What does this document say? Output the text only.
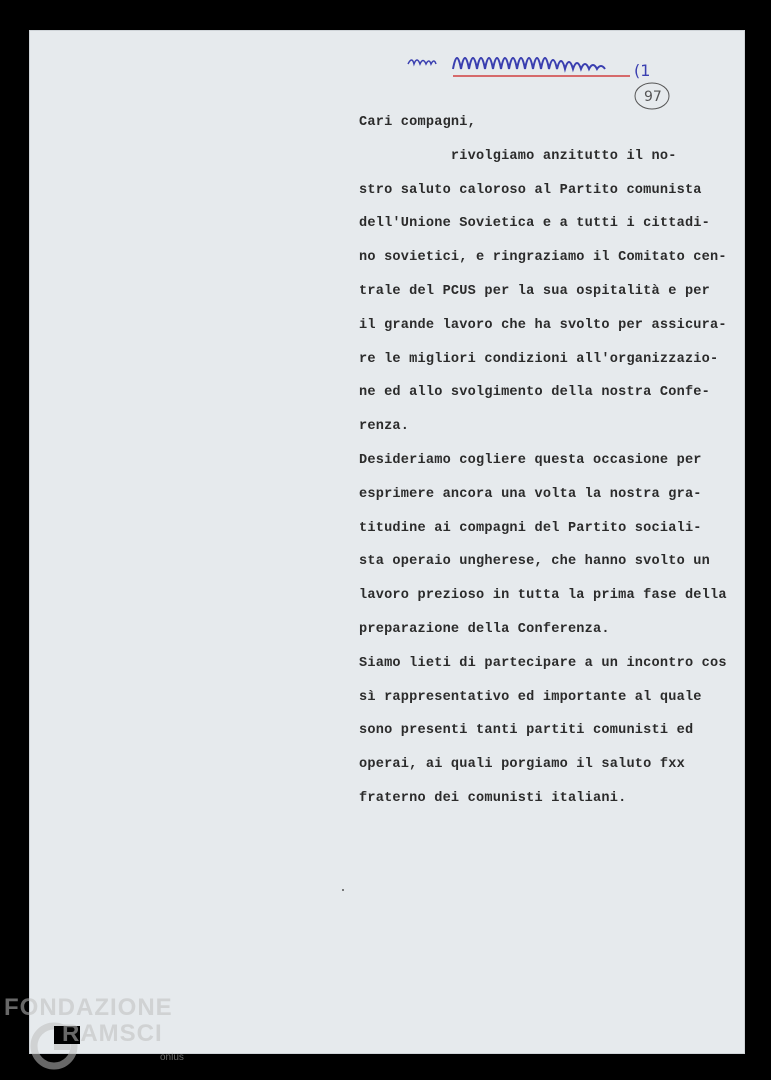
97
(1
Cari compagni,
rivolgiamo anzitutto il no-
stro saluto caloroso al Partito comunista
dell'Unione Sovietica e a tutti i cittadi-
no sovietici, e ringraziamo il Comitato cen-
trale del PCUS per la sua ospitalità e per
il grande lavoro che ha svolto per assicura-
re le migliori condizioni all'organizzazio-
ne ed allo svolgimento della nostra Confe-
renza.
Desideriamo cogliere questa occasione per
esprimere ancora una volta la nostra gra-
titudine ai compagni del Partito sociali-
sta operaio ungherese, che hanno svolto un
lavoro prezioso in tutta la prima fase della
preparazione della Conferenza.
Siamo lieti di partecipare a un incontro cos
sì rappresentativo ed importante al quale
sono presenti tanti partiti comunisti ed
operai, ai quali porgiamo il saluto fxx
fraterno dei comunisti italiani.
FONDAZIONE
RAMSCI
onlus
